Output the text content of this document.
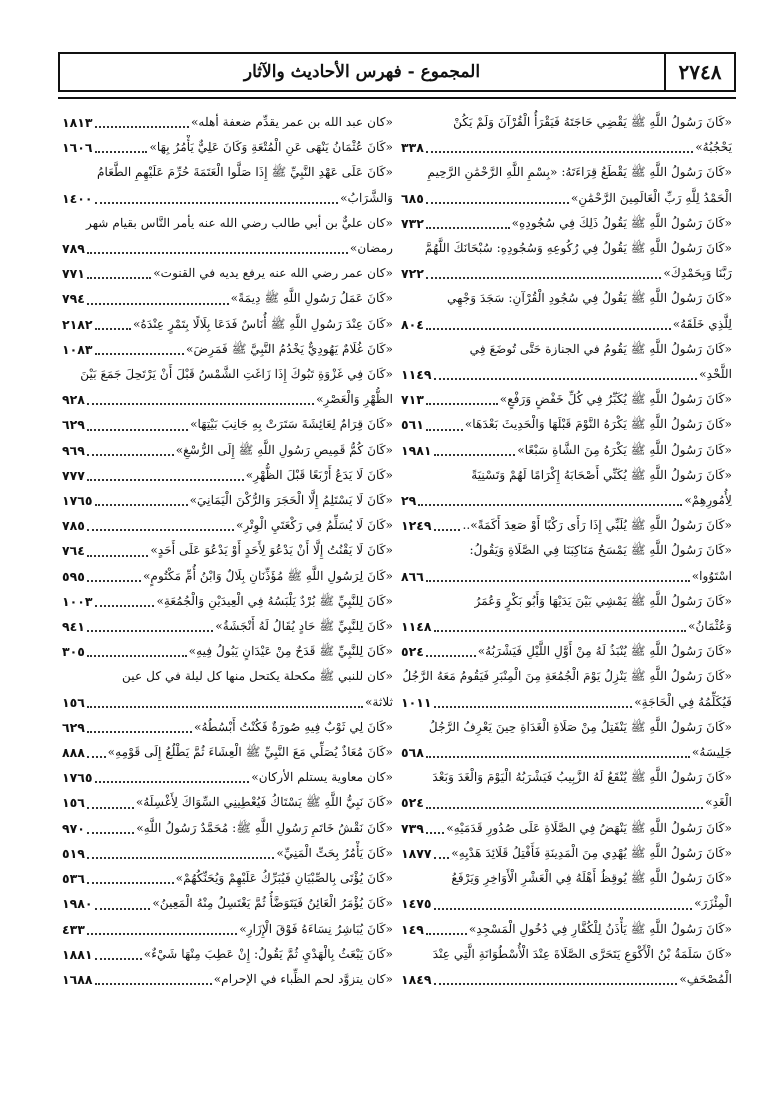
٢٧٤٨
المجموع - فهرس الأحاديث والآثار
«كَانَ رَسُولُ اللَّهِ ﷺ يَقْضِي حَاجَتَهُ فَيَقْرَأُ الْقُرْآنَ وَلَمْ يَكُنْ
يَحْجُبُهُ»
٣٣٨
«كَانَ رَسُولُ اللَّهِ ﷺ يَقْطَعُ قِرَاءَتَهُ: «بِسْمِ اللَّهِ الرَّحْمَٰنِ الرَّحِيمِ
الْحَمْدُ لِلَّهِ رَبِّ الْعَالَمِينَ الرَّحْمَٰنِ»
٦٨٥
«كَانَ رَسُولُ اللَّهِ ﷺ يَقُولُ ذَلِكَ فِي سُجُودِهِ»
٧٣٢
«كَانَ رَسُولُ اللَّهِ ﷺ يَقُولُ فِي رُكُوعِهِ وَسُجُودِهِ: سُبْحَانَكَ اللَّهُمَّ
رَبَّنَا وَبِحَمْدِكَ»
٧٢٢
«كَانَ رَسُولُ اللَّهِ ﷺ يَقُولُ فِي سُجُودِ الْقُرْآنِ: سَجَدَ وَجْهِي
لِلَّذِي خَلَقَهُ»
٨٠٤
«كَانَ رَسُولُ اللَّهِ ﷺ يَقُومُ في الجنازة حَتَّى تُوضَعَ فِي
اللَّحْدِ»
١١٤٩
«كَانَ رَسُولُ اللَّهِ ﷺ يُكَبِّرُ فِي كُلِّ خَفْضٍ وَرَفْعٍ»
٧١٣
«كَانَ رَسُولُ اللَّهِ ﷺ يَكْرَهُ النَّوْمَ قَبْلَهَا وَالْحَدِيثَ بَعْدَهَا»
٥٦١
«كَانَ رَسُولُ اللَّهِ ﷺ يَكْرَهُ مِنَ الشَّاةِ سَبْعًا»
١٩٨١
«كَانَ رَسُولُ اللَّهِ ﷺ يُكَنِّي أَصْحَابَهُ إِكْرَامًا لَهُمْ وَتَسْنِيَةً
لِأُمُورِهِمْ»
٢٩
«كَانَ رَسُولُ اللَّهِ ﷺ يُلَبِّي إِذَا رَأَى رَكْبًا أَوْ صَعِدَ أَكَمَةً»..
١٢٤٩
«كَانَ رَسُولُ اللَّهِ ﷺ يَمْسَحُ مَنَاكِبَنَا فِي الصَّلَاةِ وَيَقُولُ:
اسْتَوُوا»
٨٦٦
«كَانَ رَسُولُ اللَّهِ ﷺ يَمْشِي بَيْنَ يَدَيْهَا وَأَبُو بَكْرٍ وَعُمَرُ
وَعُثْمَانُ»
١١٤٨
«كَانَ رَسُولُ اللَّهِ ﷺ يُنْبَذُ لَهُ مِنْ أَوَّلِ اللَّيْلِ فَيَشْرَبُهُ»
٥٢٤
«كَانَ رَسُولُ اللَّهِ ﷺ يَنْزِلُ يَوْمَ الْجُمُعَةِ مِنَ الْمِنْبَرِ فَيَقُومُ مَعَهُ الرَّجُلُ
فَيُكَلِّمُهُ فِي الْحَاجَةِ»
١٠١١
«كَانَ رَسُولُ اللَّهِ ﷺ يَنْفَتِلُ مِنْ صَلَاةِ الْغَدَاةِ حِينَ يَعْرِفُ الرَّجُلُ
جَلِيسَهُ»
٥٦٨
«كَانَ رَسُولُ اللَّهِ ﷺ يُنْقَعُ لَهُ الزَّبِيبُ فَيَشْرَبُهُ الْيَوْمَ وَالْغَدَ وَبَعْدَ
الْغَدِ»
٥٢٤
«كَانَ رَسُولُ اللَّهِ ﷺ يَنْهَضُ فِي الصَّلَاةِ عَلَى صُدُورِ قَدَمَيْهِ»
٧٣٩
«كَانَ رَسُولُ اللَّهِ ﷺ يُهْدِي مِنَ الْمَدِينَةِ فَأَفْتِلُ قَلَائِدَ هَدْيِهِ»
١٨٧٧
«كَانَ رَسُولُ اللَّهِ ﷺ يُوقِظُ أَهْلَهُ فِي الْعَشْرِ الْأَوَاخِرِ وَيَرْفَعُ
الْمِئْزَرَ»
١٤٧٥
«كَانَ رَسُولُ اللَّهِ ﷺ يَأْذَنُ لِلْكُفَّارِ فِي دُخُولِ الْمَسْجِدِ»
١٤٩
«كَانَ سَلَمَةُ بْنُ الْأَكْوَعِ يَتَحَرَّى الصَّلَاةَ عِنْدَ الْأُسْطُوَانَةِ الَّتِي عِنْدَ
الْمُصْحَفِ»
١٨٤٩
«كان عبد الله بن عمر يقدِّم ضعفة أهله»
١٨١٣
«كَانَ عُثْمَانُ يَنْهَى عَنِ الْمُتْعَةِ وَكَانَ عَلِيٌّ يَأْمُرُ بِهَا»
١٦٠٦
«كَانَ عَلَى عَهْدِ النَّبِيِّ ﷺ إِذَا صَلَّوا الْعَتَمَةَ حُرِّمَ عَلَيْهِمِ الطَّعَامُ
وَالشَّرَابُ»
١٤٠٠
«كان عليٌّ بن أبي طالب رضي الله عنه يأمر النَّاس بقيام شهر
رمضان»
٧٨٩
«كان عمر رضي الله عنه يرفع يديه في القنوت»
٧٧١
«كَانَ عَمَلُ رَسُولِ اللَّهِ ﷺ دِيمَةً»
٧٩٤
«كَانَ عِنْدَ رَسُولِ اللَّهِ ﷺ أُنَاسٌ فَدَعَا بِلَالًا بِتَمْرٍ عِنْدَهُ»
٢١٨٢
«كَانَ غُلَامٌ يَهُودِيٌّ يَخْدُمُ النَّبِيَّ ﷺ فَمَرِضَ»
١٠٨٣
«كَانَ فِي غَزْوَةِ تَبُوكَ إِذَا زَاغَتِ الشَّمْسُ قَبْلَ أَنْ يَرْتَحِلَ جَمَعَ بَيْنَ
الظُّهْرِ وَالْعَصْرِ»
٩٢٨
«كَانَ قِرَامٌ لِعَائِشَةَ سَتَرَتْ بِهِ جَانِبَ بَيْتِهَا»
٦٢٩
«كَانَ كُمُّ قَمِيصِ رَسُولِ اللَّهِ ﷺ إِلَى الرُّسْغِ»
٩٦٩
«كَانَ لَا يَدَعُ أَرْبَعًا قَبْلَ الظُّهْرِ»
٧٧٧
«كَانَ لَا يَسْتَلِمُ إِلَّا الْحَجَرَ وَالرُّكْنَ الْيَمَانِيَ»
١٧٦٥
«كَانَ لَا يُسَلِّمُ فِي رَكْعَتَيِ الْوِتْرِ»
٧٨٥
«كَانَ لَا يَقْنُتُ إِلَّا أَنْ يَدْعُوَ لِأَحَدٍ أَوْ يَدْعُوَ عَلَى أَحَدٍ»
٧٦٤
«كَانَ لِرَسُولِ اللَّهِ ﷺ مُؤَذِّنَانِ بِلَالٌ وَابْنُ أُمِّ مَكْتُومٍ»
٥٩٥
«كَانَ لِلنَّبِيِّ ﷺ بُرْدٌ يَلْبَسُهُ فِي الْعِيدَيْنِ وَالْجُمُعَةِ»
١٠٠٣
«كَانَ لِلنَّبِيِّ ﷺ حَادٍ يُقَالُ لَهُ أَنْجَشَةُ»
٩٤١
«كَانَ لِلنَّبِيِّ ﷺ قَدَحٌ مِنْ عَيْدَانٍ يَبُولُ فِيهِ»
٣٠٥
«كان للنبي ﷺ مكحلة يكتحل منها كل ليلة في كل عين
ثلاثة»
١٥٦
«كَانَ لِي ثَوْبٌ فِيهِ صُورَةٌ فَكُنْتُ أَبْسُطُهُ»
٦٢٩
«كَانَ مُعَاذٌ يُصَلِّي مَعَ النَّبِيِّ ﷺ الْعِشَاءَ ثُمَّ يَطْلُعُ إِلَى قَوْمِهِ»
٨٨٨
«كان معاوية يستلم الأركان»
١٧٦٥
«كَانَ نَبِيُّ اللَّهِ ﷺ يَسْتَاكُ فَيُعْطِينِي السِّوَاكَ لِأَغْسِلَهُ»
١٥٦
«كَانَ نَقْشُ خَاتَمِ رَسُولِ اللَّهِ ﷺ: مُحَمَّدٌ رَسُولُ اللَّهِ»
٩٧٠
«كَانَ يَأْمُرُ بِحَتِّ الْمَنِيِّ»
٥١٩
«كَانَ يُؤْتَى بِالصِّبْيَانِ فَيُبَرِّكُ عَلَيْهِمْ وَيُحَنِّكُهُمْ»
٥٣٦
«كَانَ يُؤْمَرُ الْعَائِنُ فَيَتَوَضَّأُ ثُمَّ يَغْتَسِلُ مِنْهُ الْمَعِينُ»
١٩٨٠
«كَانَ يُبَاشِرُ نِسَاءَهُ فَوْقَ الْإِزَارِ»
٤٣٣
«كَانَ يَبْعَثُ بِالْهَدْيِ ثُمَّ يَقُولُ: إِنْ عَطِبَ مِنْهَا شَيْءٌ»
١٨٨١
«كان يتزوَّد لحم الظِّباء في الإحرام»
١٦٨٨
